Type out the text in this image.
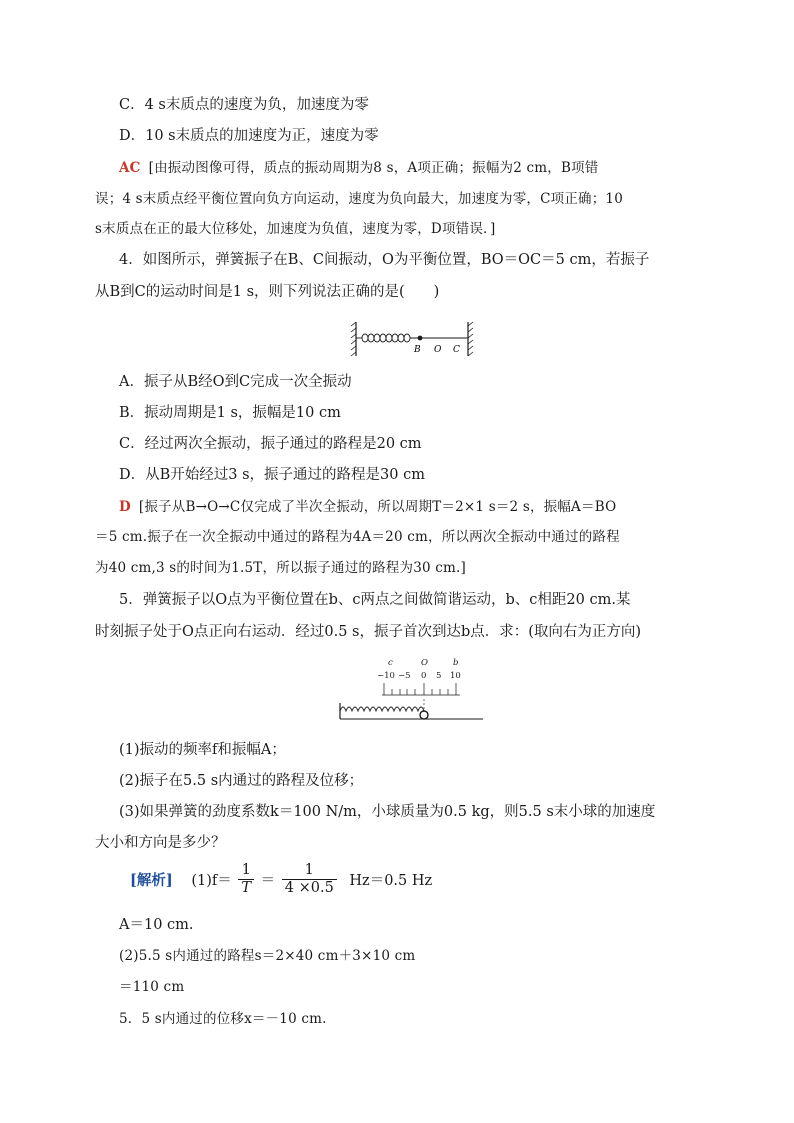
C．4 s末质点的速度为负，加速度为零
D．10 s末质点的加速度为正，速度为零
AC [由振动图像可得，质点的振动周期为8 s，A项正确；振幅为2 cm，B项错
误；4 s末质点经平衡位置向负方向运动，速度为负向最大，加速度为零，C项正确；10
s末质点在正的最大位移处，加速度为负值，速度为零，D项错误．]
4．如图所示，弹簧振子在B、C间振动，O为平衡位置，BO＝OC＝5 cm，若振子
从B到C的运动时间是1 s，则下列说法正确的是(　　)
B O C
A．振子从B经O到C完成一次全振动
B．振动周期是1 s，振幅是10 cm
C．经过两次全振动，振子通过的路程是20 cm
D．从B开始经过3 s，振子通过的路程是30 cm
D [振子从B→O→C仅完成了半次全振动，所以周期T＝2×1 s＝2 s，振幅A＝BO
＝5 cm.振子在一次全振动中通过的路程为4A＝20 cm，所以两次全振动中通过的路程
为40 cm,3 s的时间为1.5T，所以振子通过的路程为30 cm.]
5．弹簧振子以O点为平衡位置在b、c两点之间做简谐运动，b、c相距20 cm.某
时刻振子处于O点正向右运动．经过0.5 s，振子首次到达b点．求：(取向右为正方向)
c	O	b
−10 −5 0 5 10
(1)振动的频率f和振幅A；
(2)振子在5.5 s内通过的路程及位移；
(3)如果弹簧的劲度系数k＝100 N/m，小球质量为0.5 kg，则5.5 s末小球的加速度
大小和方向是多少？
[解析] $(1)f= \frac{1}{T} = \frac{1}{4 \times 0.5} Hz=0.5$ Hz
A＝10 cm.
(2)5.5 s内通过的路程s＝2×40 cm＋3×10 cm
＝110 cm
5．5 s内通过的位移x＝－10 cm.
